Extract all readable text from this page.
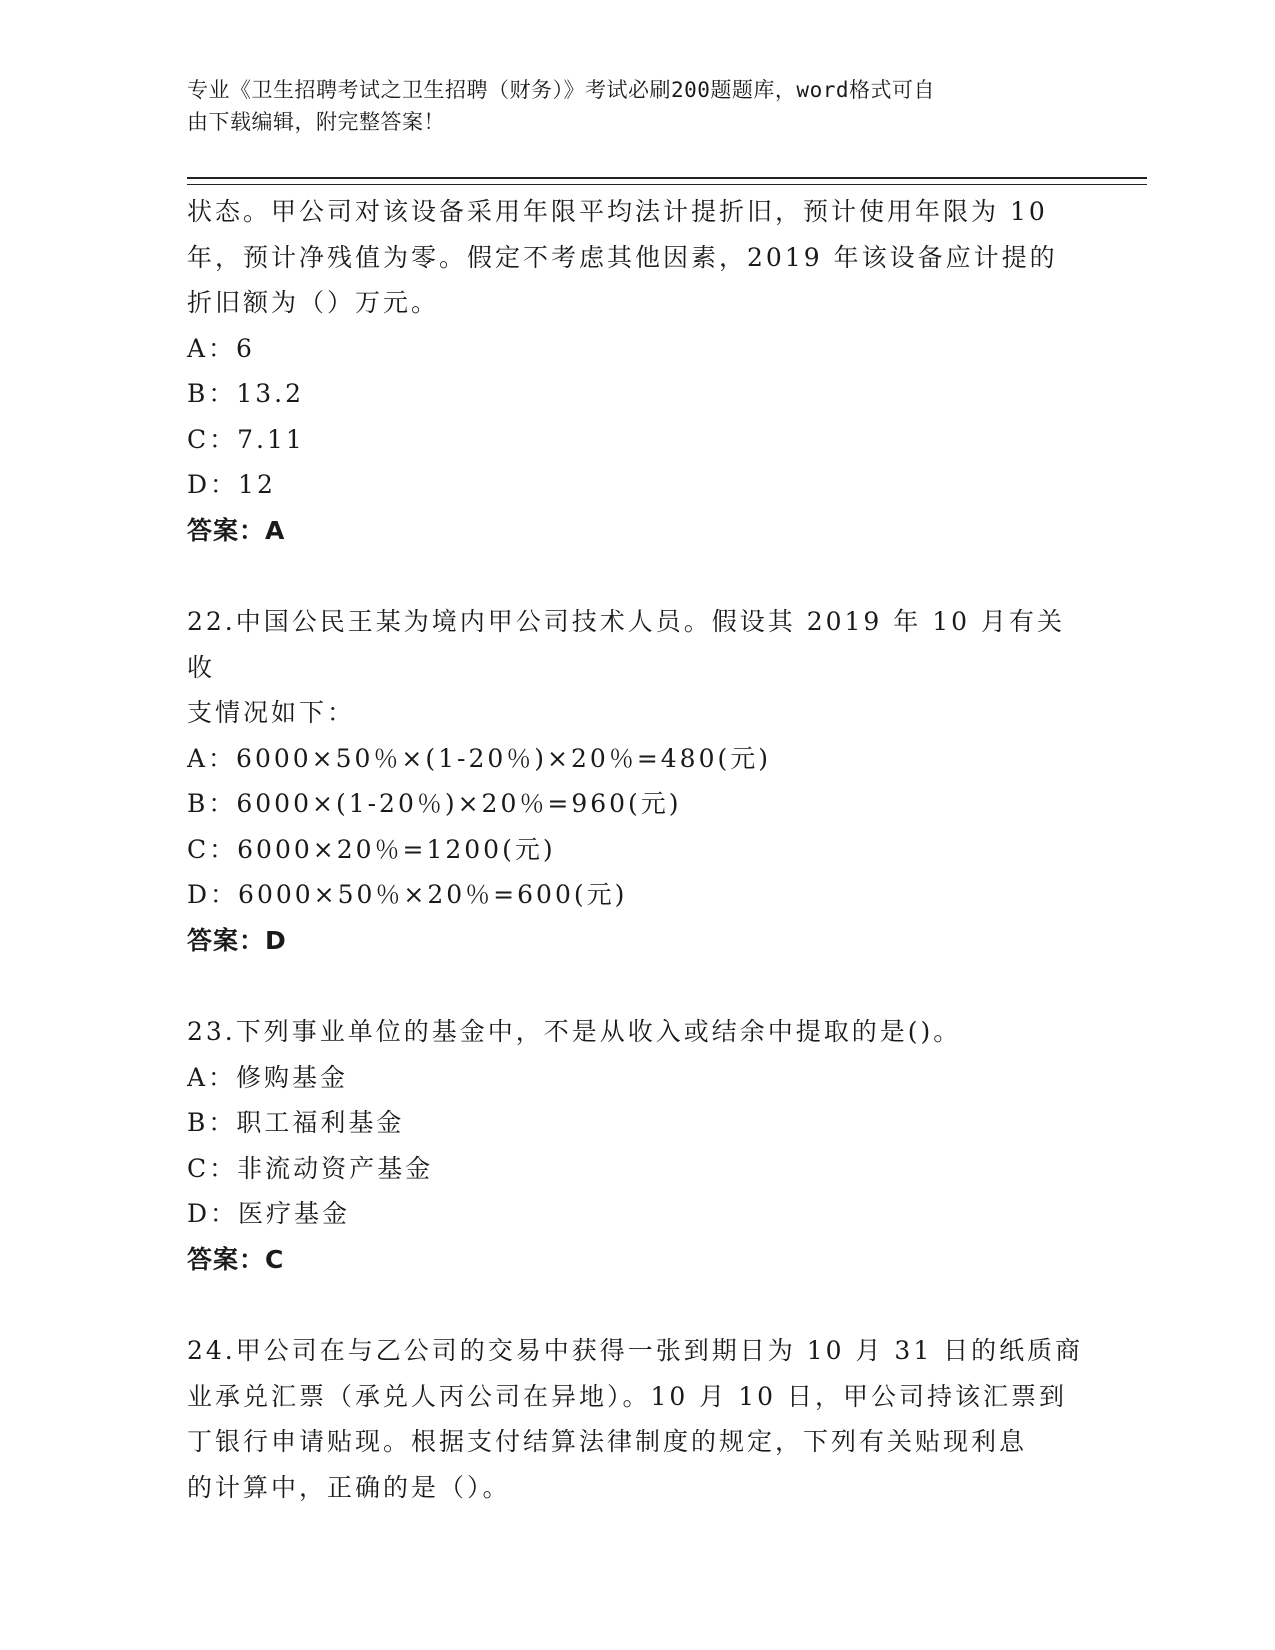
专业《卫生招聘考试之卫生招聘（财务）》考试必刷200题题库，word格式可自
由下载编辑，附完整答案！

状态。甲公司对该设备采用年限平均法计提折旧，预计使用年限为 10

年，预计净残值为零。假定不考虑其他因素，2019 年该设备应计提的

折旧额为（）万元。

A：6

B：13.2

C：7.11

D：12

答案：A

22.中国公民王某为境内甲公司技术人员。假设其 2019 年 10 月有关收

支情况如下：

A：6000×50％×(1-20％)×20％=480(元)

B：6000×(1-20％)×20％=960(元)

C：6000×20％=1200(元)

D：6000×50％×20％=600(元)

答案：D

23.下列事业单位的基金中，不是从收入或结余中提取的是()。

A：修购基金

B：职工福利基金

C：非流动资产基金

D：医疗基金

答案：C

24.甲公司在与乙公司的交易中获得一张到期日为 10 月 31 日的纸质商

业承兑汇票（承兑人丙公司在异地）。10 月 10 日，甲公司持该汇票到

丁银行申请贴现。根据支付结算法律制度的规定，下列有关贴现利息

的计算中，正确的是（）。
